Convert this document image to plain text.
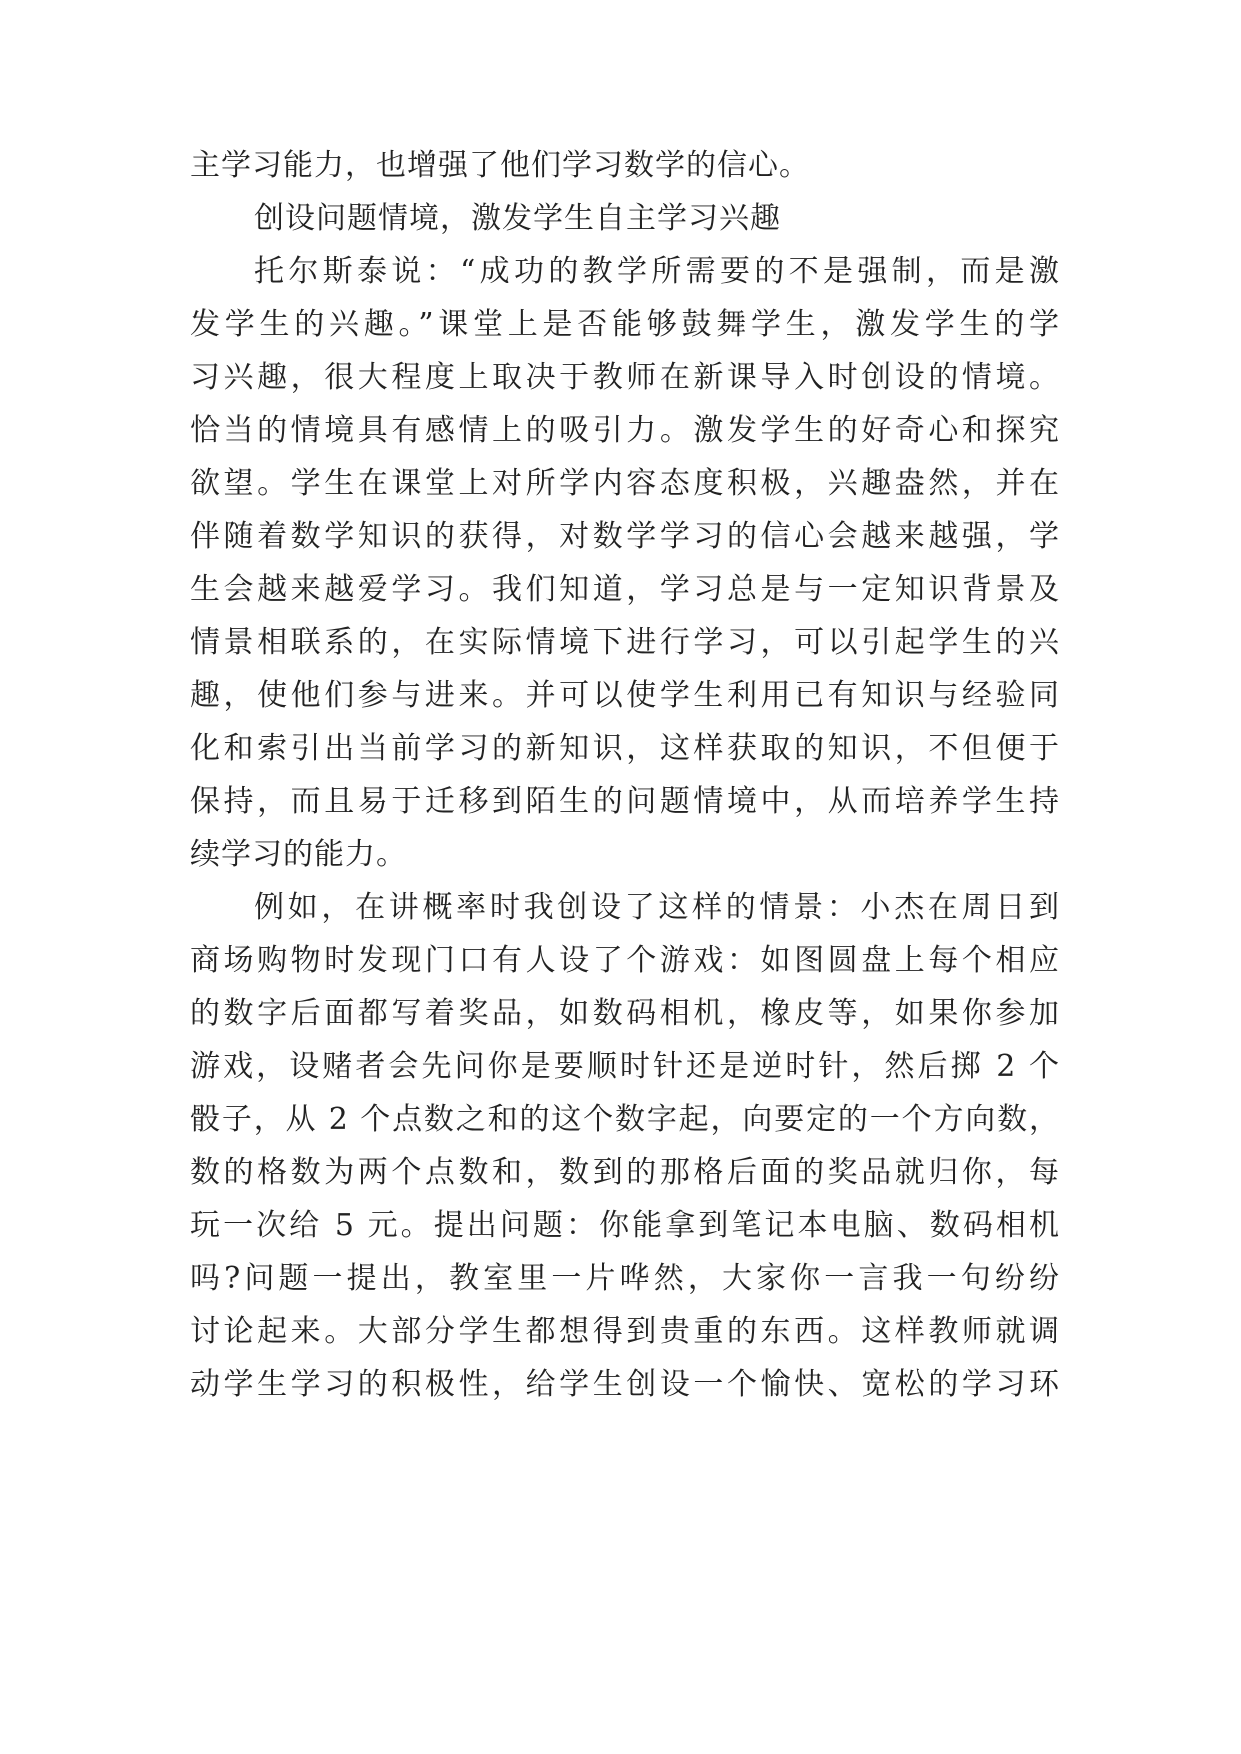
主学习能力，也增强了他们学习数学的信心。
创设问题情境，激发学生自主学习兴趣
托尔斯泰说：“成功的教学所需要的不是强制，而是激
发学生的兴趣。”课堂上是否能够鼓舞学生，激发学生的学
习兴趣，很大程度上取决于教师在新课导入时创设的情境。
恰当的情境具有感情上的吸引力。激发学生的好奇心和探究
欲望。学生在课堂上对所学内容态度积极，兴趣盎然，并在
伴随着数学知识的获得，对数学学习的信心会越来越强，学
生会越来越爱学习。我们知道，学习总是与一定知识背景及
情景相联系的，在实际情境下进行学习，可以引起学生的兴
趣，使他们参与进来。并可以使学生利用已有知识与经验同
化和索引出当前学习的新知识，这样获取的知识，不但便于
保持，而且易于迁移到陌生的问题情境中，从而培养学生持
续学习的能力。
例如，在讲概率时我创设了这样的情景：小杰在周日到
商场购物时发现门口有人设了个游戏：如图圆盘上每个相应
的数字后面都写着奖品，如数码相机，橡皮等，如果你参加
游戏，设赌者会先问你是要顺时针还是逆时针，然后掷 2 个
骰子，从 2 个点数之和的这个数字起，向要定的一个方向数，
数的格数为两个点数和，数到的那格后面的奖品就归你，每
玩一次给 5 元。提出问题：你能拿到笔记本电脑、数码相机
吗?问题一提出，教室里一片哗然，大家你一言我一句纷纷
讨论起来。大部分学生都想得到贵重的东西。这样教师就调
动学生学习的积极性，给学生创设一个愉快、宽松的学习环
